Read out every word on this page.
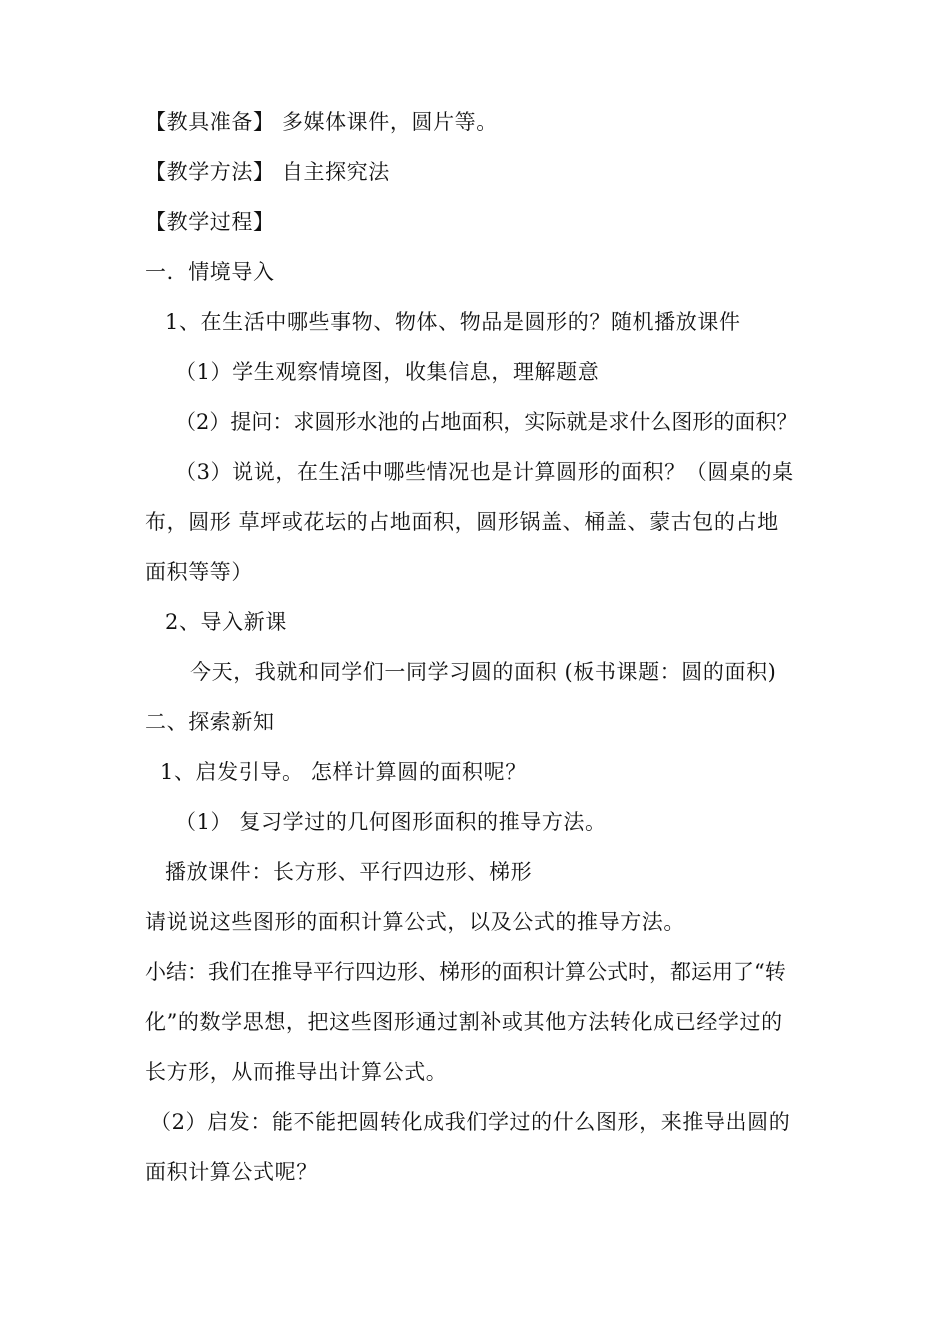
【教具准备】 多媒体课件，圆片等。
【教学方法】 自主探究法
【教学过程】
一．情境导入
1、在生活中哪些事物、物体、物品是圆形的？随机播放课件
（1）学生观察情境图，收集信息，理解题意
（2）提问：求圆形水池的占地面积，实际就是求什么图形的面积？
（3）说说，在生活中哪些情况也是计算圆形的面积？（圆桌的桌
布，圆形 草坪或花坛的占地面积，圆形锅盖、桶盖、蒙古包的占地
面积等等）
2、导入新课
今天，我就和同学们一同学习圆的面积 (板书课题：圆的面积)
二、探索新知
1、启发引导。 怎样计算圆的面积呢？
（1） 复习学过的几何图形面积的推导方法。
播放课件：长方形、平行四边形、梯形
请说说这些图形的面积计算公式，以及公式的推导方法。
小结：我们在推导平行四边形、梯形的面积计算公式时，都运用了“转
化”的数学思想，把这些图形通过割补或其他方法转化成已经学过的
长方形，从而推导出计算公式。
（2）启发：能不能把圆转化成我们学过的什么图形，来推导出圆的
面积计算公式呢？
